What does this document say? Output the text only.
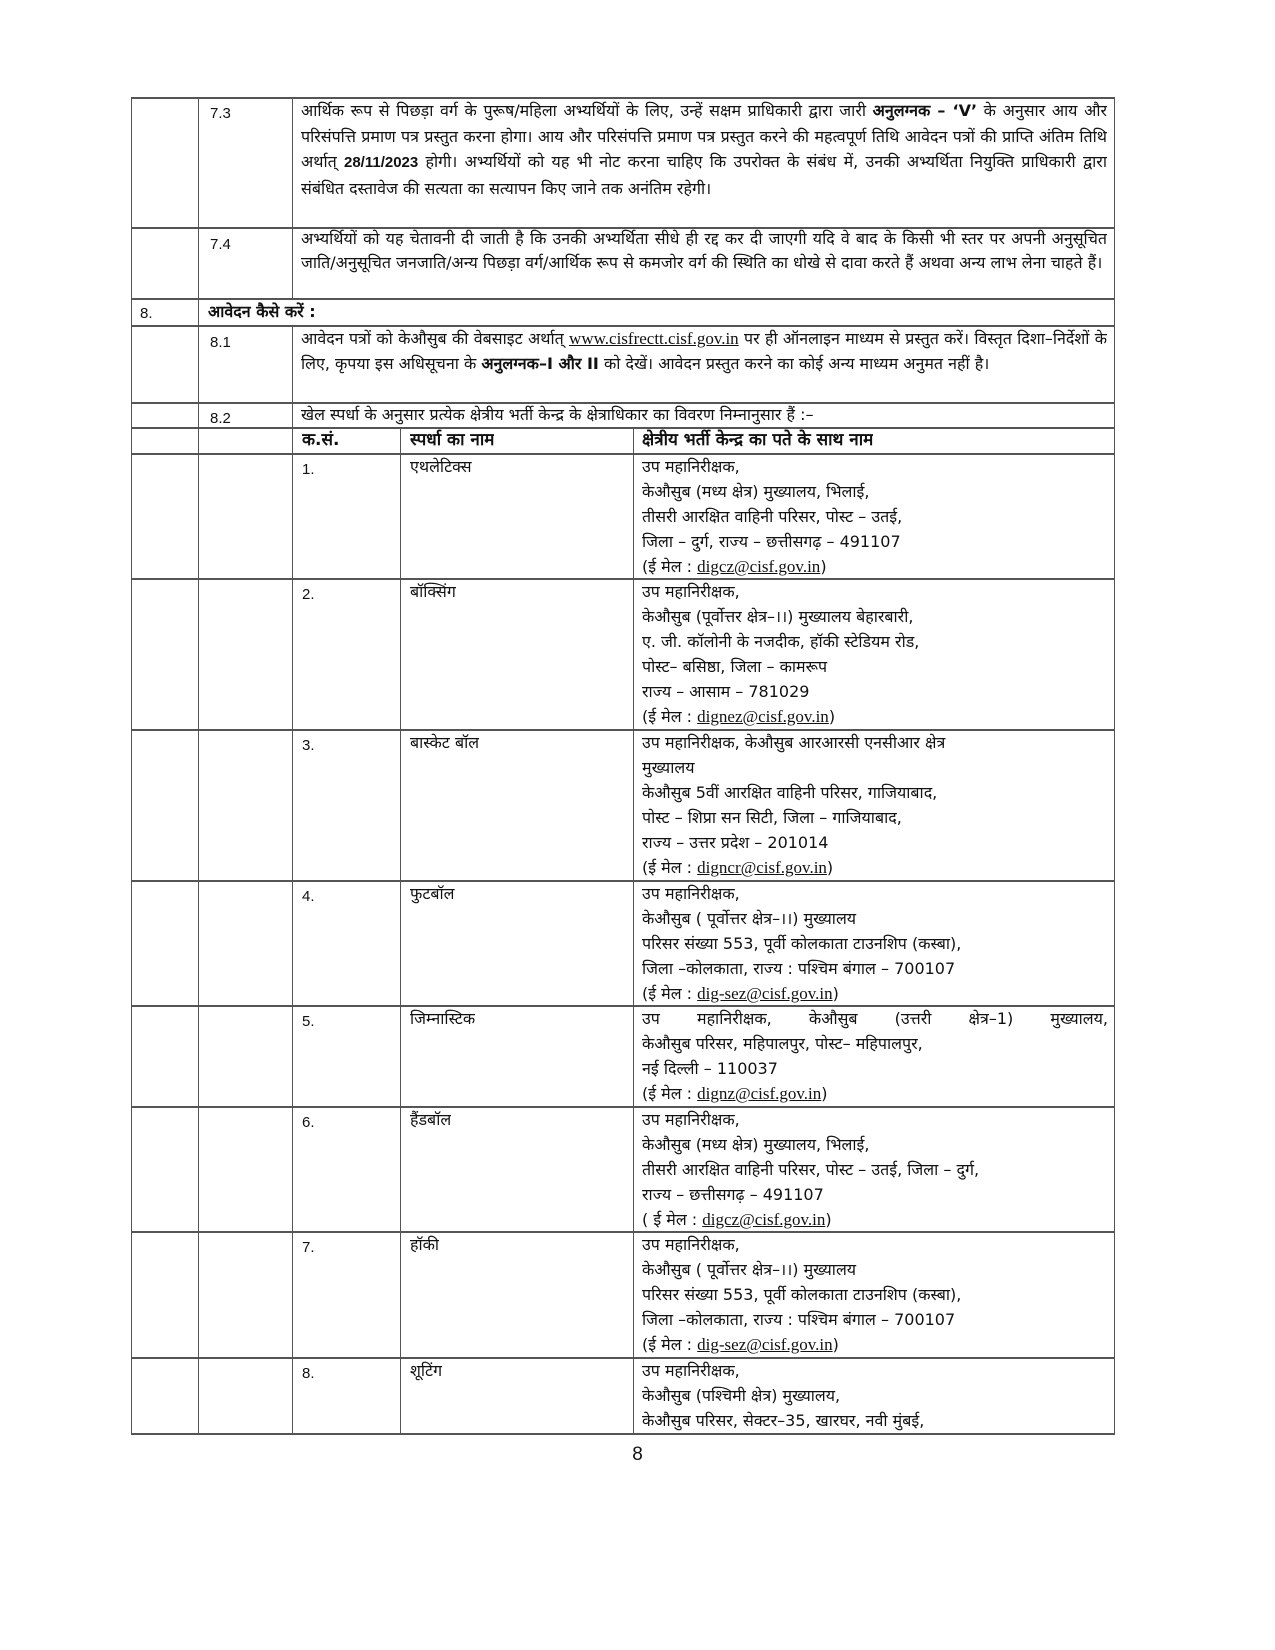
7.3	आर्थिक रूप से पिछड़ा वर्ग के पुरूष/महिला अभ्यर्थियों के लिए, उन्हें सक्षम प्राधिकारी द्वारा जारी अनुलग्नक – ‘V’ के अनुसार आय और परिसंपत्ति प्रमाण पत्र प्रस्तुत करना होगा। आय और परिसंपत्ति प्रमाण पत्र प्रस्तुत करने की महत्वपूर्ण तिथि आवेदन पत्रों की प्राप्ति अंतिम तिथि अर्थात् 28/11/2023 होगी। अभ्यर्थियों को यह भी नोट करना चाहिए कि उपरोक्त के संबंध में, उनकी अभ्यर्थिता नियुक्ति प्राधिकारी द्वारा संबंधित दस्तावेज की सत्यता का सत्यापन किए जाने तक अनंतिम रहेगी।
7.4	अभ्यर्थियों को यह चेतावनी दी जाती है कि उनकी अभ्यर्थिता सीधे ही रद्द कर दी जाएगी यदि वे बाद के किसी भी स्तर पर अपनी अनुसूचित जाति/अनुसूचित जनजाति/अन्य पिछड़ा वर्ग/आर्थिक रूप से कमजोर वर्ग की स्थिति का धोखे से दावा करते हैं अथवा अन्य लाभ लेना चाहते हैं।
8.	आवेदन कैसे करें :
8.1	आवेदन पत्रों को केऔसुब की वेबसाइट अर्थात् www.cisfrectt.cisf.gov.in पर ही ऑनलाइन माध्यम से प्रस्तुत करें। विस्तृत दिशा–निर्देशों के लिए, कृपया इस अधिसूचना के अनुलग्नक–I और II को देखें। आवेदन प्रस्तुत करने का कोई अन्य माध्यम अनुमत नहीं है।
8.2	खेल स्पर्धा के अनुसार प्रत्येक क्षेत्रीय भर्ती केन्द्र के क्षेत्राधिकार का विवरण निम्नानुसार हैं :–
क.सं.	स्पर्धा का नाम	क्षेत्रीय भर्ती केन्द्र का पते के साथ नाम
1.	एथलेटिक्स	उप महानिरीक्षक,
केऔसुब (मध्य क्षेत्र) मुख्यालय, भिलाई,
तीसरी आरक्षित वाहिनी परिसर, पोस्ट – उतई,
जिला – दुर्ग, राज्य – छत्तीसगढ़ – 491107
(ई मेल : digcz@cisf.gov.in)
2.	बॉक्सिंग	उप महानिरीक्षक,
केऔसुब (पूर्वोत्तर क्षेत्र–।।) मुख्यालय बेहारबारी,
ए. जी. कॉलोनी के नजदीक, हॉकी स्टेडियम रोड,
पोस्ट– बसिष्ठा, जिला – कामरूप
राज्य – आसाम – 781029
(ई मेल : dignez@cisf.gov.in)
3.	बास्केट बॉल	उप महानिरीक्षक, केऔसुब आरआरसी एनसीआर क्षेत्र
मुख्यालय
केऔसुब 5वीं आरक्षित वाहिनी परिसर, गाजियाबाद,
पोस्ट – शिप्रा सन सिटी, जिला – गाजियाबाद,
राज्य – उत्तर प्रदेश – 201014
(ई मेल : digncr@cisf.gov.in)
4.	फुटबॉल	उप महानिरीक्षक,
केऔसुब ( पूर्वोत्तर क्षेत्र–।।) मुख्यालय
परिसर संख्या 553, पूर्वी कोलकाता टाउनशिप (कस्बा),
जिला –कोलकाता, राज्य : पश्चिम बंगाल – 700107
(ई मेल : dig-sez@cisf.gov.in)
5.	जिम्नास्टिक	उप महानिरीक्षक, केऔसुब (उत्तरी क्षेत्र–1) मुख्यालय,
केऔसुब परिसर, महिपालपुर, पोस्ट– महिपालपुर,
नई दिल्ली – 110037
(ई मेल : dignz@cisf.gov.in)
6.	हैंडबॉल	उप महानिरीक्षक,
केऔसुब (मध्य क्षेत्र) मुख्यालय, भिलाई,
तीसरी आरक्षित वाहिनी परिसर, पोस्ट – उतई, जिला – दुर्ग,
राज्य – छत्तीसगढ़ – 491107
( ई मेल : digcz@cisf.gov.in)
7.	हॉकी	उप महानिरीक्षक,
केऔसुब ( पूर्वोत्तर क्षेत्र–।।) मुख्यालय
परिसर संख्या 553, पूर्वी कोलकाता टाउनशिप (कस्बा),
जिला –कोलकाता, राज्य : पश्चिम बंगाल – 700107
(ई मेल : dig-sez@cisf.gov.in)
8.	शूटिंग	उप महानिरीक्षक,
केऔसुब (पश्चिमी क्षेत्र) मुख्यालय,
केऔसुब परिसर, सेक्टर–35, खारघर, नवी मुंबई,
8
